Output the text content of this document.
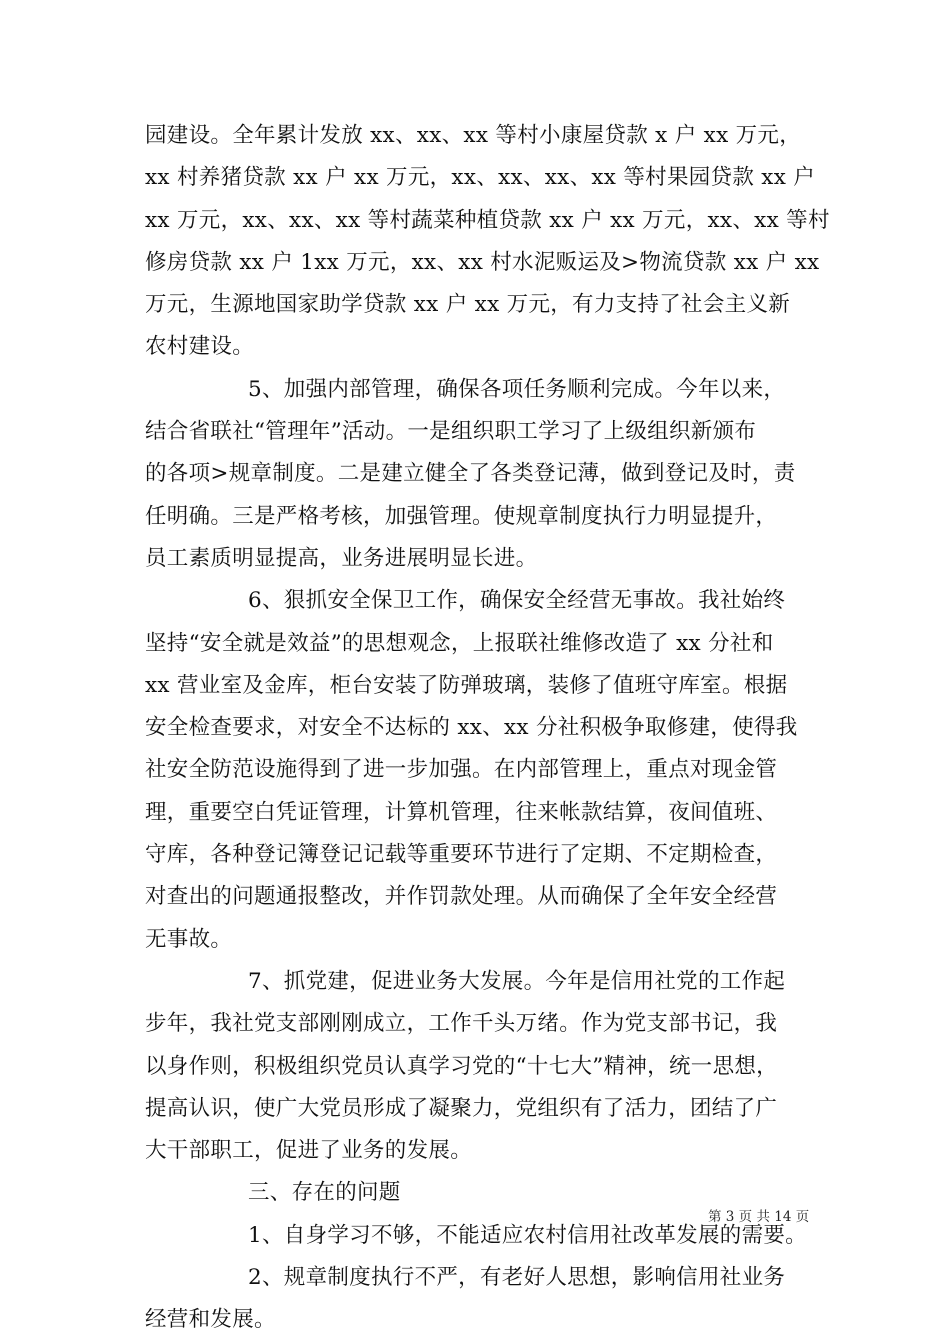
园建设。全年累计发放 xx、xx、xx 等村小康屋贷款 x 户 xx 万元，
xx 村养猪贷款 xx 户 xx 万元，xx、xx、xx、xx 等村果园贷款 xx 户
xx 万元，xx、xx、xx 等村蔬菜种植贷款 xx 户 xx 万元，xx、xx 等村
修房贷款 xx 户 1xx 万元，xx、xx 村水泥贩运及>物流贷款 xx 户 xx
万元，生源地国家助学贷款 xx 户 xx 万元，有力支持了社会主义新
农村建设。
5、加强内部管理，确保各项任务顺利完成。今年以来，
结合省联社“管理年”活动。一是组织职工学习了上级组织新颁布
的各项>规章制度。二是建立健全了各类登记薄，做到登记及时，责
任明确。三是严格考核，加强管理。使规章制度执行力明显提升，
员工素质明显提高，业务进展明显长进。
6、狠抓安全保卫工作，确保安全经营无事故。我社始终
坚持“安全就是效益”的思想观念，上报联社维修改造了 xx 分社和
xx 营业室及金库，柜台安装了防弹玻璃，装修了值班守库室。根据
安全检查要求，对安全不达标的 xx、xx 分社积极争取修建，使得我
社安全防范设施得到了进一步加强。在内部管理上，重点对现金管
理，重要空白凭证管理，计算机管理，往来帐款结算，夜间值班、
守库，各种登记簿登记记载等重要环节进行了定期、不定期检查，
对查出的问题通报整改，并作罚款处理。从而确保了全年安全经营
无事故。
7、抓党建，促进业务大发展。今年是信用社党的工作起
步年，我社党支部刚刚成立，工作千头万绪。作为党支部书记，我
以身作则，积极组织党员认真学习党的“十七大”精神，统一思想，
提高认识，使广大党员形成了凝聚力，党组织有了活力，团结了广
大干部职工，促进了业务的发展。
三、存在的问题
1、自身学习不够，不能适应农村信用社改革发展的需要。
2、规章制度执行不严，有老好人思想，影响信用社业务
经营和发展。
第 3 页 共 14 页
